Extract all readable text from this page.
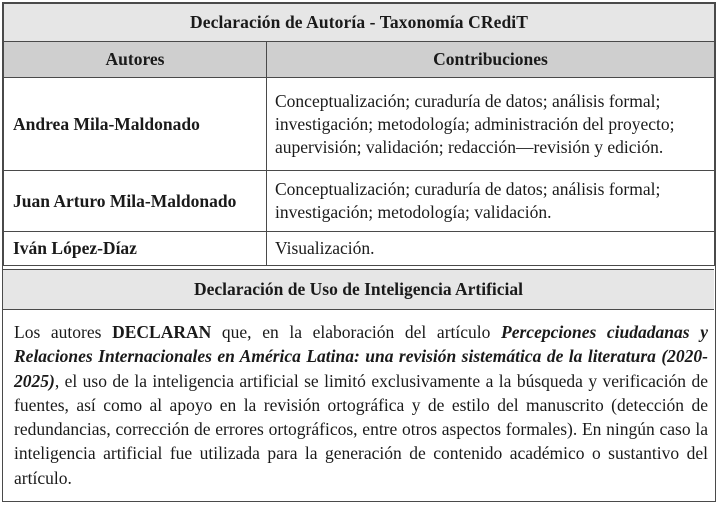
Declaración de Autoría - Taxonomía CRediT	
Autores	Contribuciones
Andrea Mila-Maldonado	Conceptualización; curaduría de datos; análisis formal; investigación; metodología; administración del proyecto; aupervisión; validación; redacción—revisión y edición.
Juan Arturo Mila-Maldonado	Conceptualización; curaduría de datos; análisis formal; investigación; metodología; validación.
Iván López-Díaz	Visualización.
Declaración de Uso de Inteligencia Artificial
Los autores DECLARAN que, en la elaboración del artículo Percepciones ciudadanas y Relaciones Internacionales en América Latina: una revisión sistemática de la literatura (2020-2025), el uso de la inteligencia artificial se limitó exclusivamente a la búsqueda y verificación de fuentes, así como al apoyo en la revisión ortográfica y de estilo del manuscrito (detección de redundancias, corrección de errores ortográficos, entre otros aspectos formales). En ningún caso la inteligencia artificial fue utilizada para la generación de contenido académico o sustantivo del artículo.
